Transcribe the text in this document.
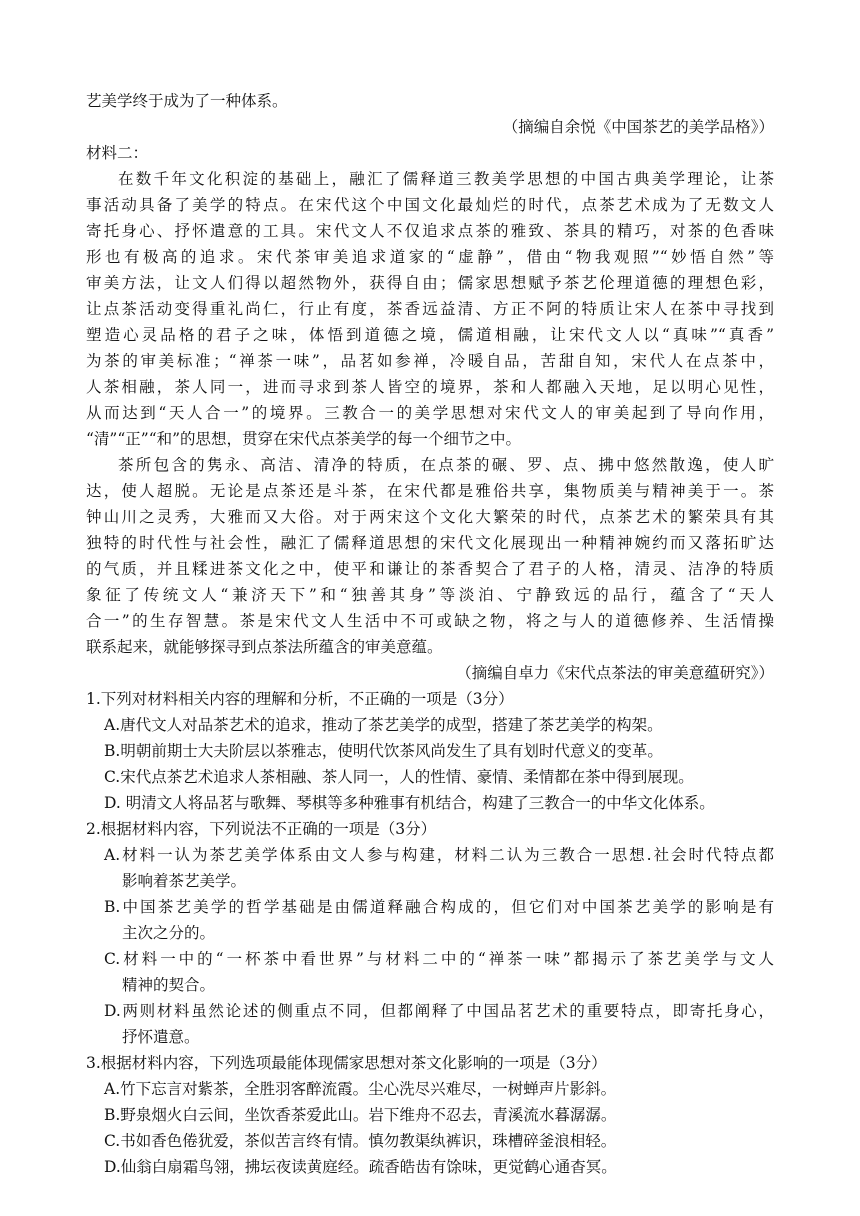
艺美学终于成为了一种体系。
（摘编自余悦《中国茶艺的美学品格》）
材料二：
在数千年文化积淀的基础上，融汇了儒释道三教美学思想的中国古典美学理论，让茶
事活动具备了美学的特点。在宋代这个中国文化最灿烂的时代，点茶艺术成为了无数文人
寄托身心、抒怀遣意的工具。宋代文人不仅追求点茶的雅致、茶具的精巧，对茶的色香味
形也有极高的追求。宋代茶审美追求道家的“虚静”，借由“物我观照”“妙悟自然”等
审美方法，让文人们得以超然物外，获得自由；儒家思想赋予茶艺伦理道德的理想色彩，
让点茶活动变得重礼尚仁，行止有度，茶香远益清、方正不阿的特质让宋人在茶中寻找到
塑造心灵品格的君子之味，体悟到道德之境，儒道相融，让宋代文人以“真味”“真香”
为茶的审美标准；“禅茶一味”，品茗如参禅，冷暖自品，苦甜自知，宋代人在点茶中，
人茶相融，茶人同一，进而寻求到茶人皆空的境界，茶和人都融入天地，足以明心见性，
从而达到“天人合一”的境界。三教合一的美学思想对宋代文人的审美起到了导向作用，
“清”“正”“和”的思想，贯穿在宋代点茶美学的每一个细节之中。
茶所包含的隽永、高洁、清净的特质，在点茶的碾、罗、点、拂中悠然散逸，使人旷
达，使人超脱。无论是点茶还是斗茶，在宋代都是雅俗共享，集物质美与精神美于一。茶
钟山川之灵秀，大雅而又大俗。对于两宋这个文化大繁荣的时代，点茶艺术的繁荣具有其
独特的时代性与社会性，融汇了儒释道思想的宋代文化展现出一种精神婉约而又落拓旷达
的气质，并且糅进茶文化之中，使平和谦让的茶香契合了君子的人格，清灵、洁净的特质
象征了传统文人“兼济天下”和“独善其身”等淡泊、宁静致远的品行，蕴含了“天人
合一”的生存智慧。茶是宋代文人生活中不可或缺之物，将之与人的道德修养、生活情操
联系起来，就能够探寻到点茶法所蕴含的审美意蕴。
（摘编自卓力《宋代点茶法的审美意蕴研究》）
1.下列对材料相关内容的理解和分析，不正确的一项是（3分）
A.唐代文人对品茶艺术的追求，推动了茶艺美学的成型，搭建了茶艺美学的构架。
B.明朝前期士大夫阶层以茶雅志，使明代饮茶风尚发生了具有划时代意义的变革。
C.宋代点茶艺术追求人茶相融、茶人同一，人的性情、豪情、柔情都在茶中得到展现。
D. 明清文人将品茗与歌舞、琴棋等多种雅事有机结合，构建了三教合一的中华文化体系。
2.根据材料内容，下列说法不正确的一项是（3分）
A.材料一认为茶艺美学体系由文人参与构建，材料二认为三教合一思想.社会时代特点都
影响着茶艺美学。
B.中国茶艺美学的哲学基础是由儒道释融合构成的，但它们对中国茶艺美学的影响是有
主次之分的。
C.材料一中的“一杯茶中看世界”与材料二中的“禅茶一味”都揭示了茶艺美学与文人
精神的契合。
D.两则材料虽然论述的侧重点不同，但都阐释了中国品茗艺术的重要特点，即寄托身心，
抒怀遣意。
3.根据材料内容，下列选项最能体现儒家思想对茶文化影响的一项是（3分）
A.竹下忘言对紫茶，全胜羽客醉流霞。尘心洗尽兴难尽，一树蝉声片影斜。
B.野泉烟火白云间，坐饮香茶爱此山。岩下维舟不忍去，青溪流水暮潺潺。
C.书如香色倦犹爱，茶似苦言终有情。慎勿教渠纨裤识，珠槽碎釜浪相轻。
D.仙翁白扇霜鸟翎，拂坛夜读黄庭经。疏香皓齿有馀味，更觉鹤心通杳冥。
